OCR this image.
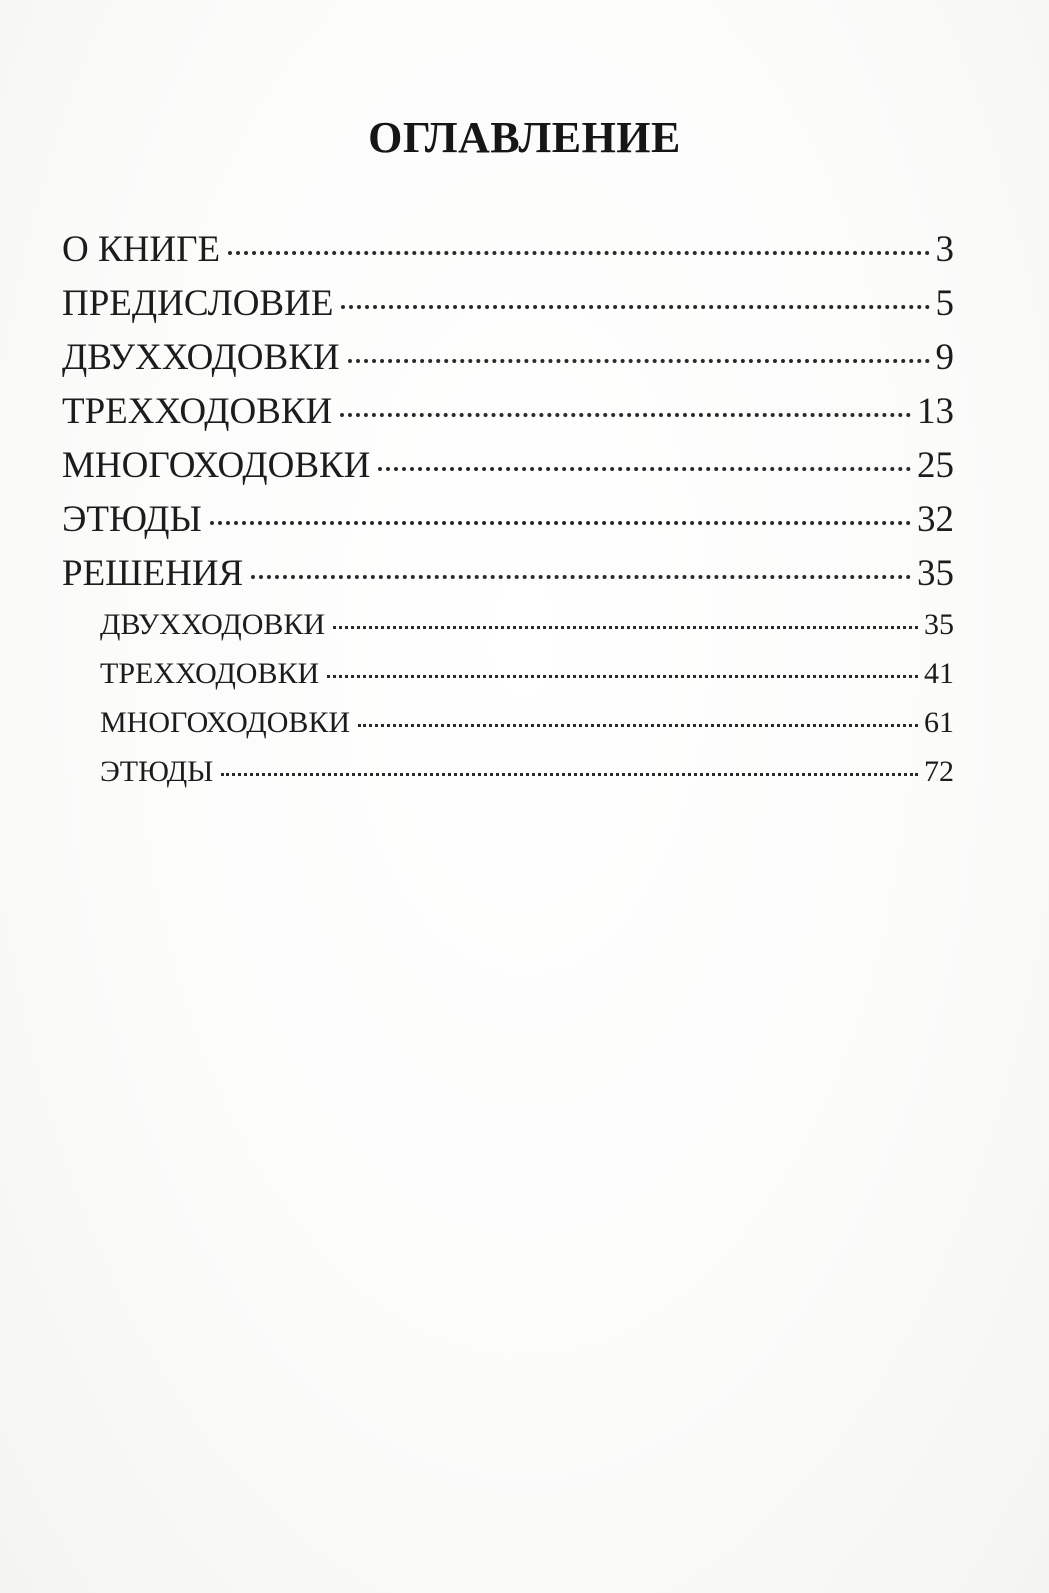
ОГЛАВЛЕНИЕ
О КНИГЕ	3
ПРЕДИСЛОВИЕ	5
ДВУХХОДОВКИ	9
ТРЕХХОДОВКИ	13
МНОГОХОДОВКИ	25
ЭТЮДЫ	32
РЕШЕНИЯ	35
ДВУХХОДОВКИ	35
ТРЕХХОДОВКИ	41
МНОГОХОДОВКИ	61
ЭТЮДЫ	72
